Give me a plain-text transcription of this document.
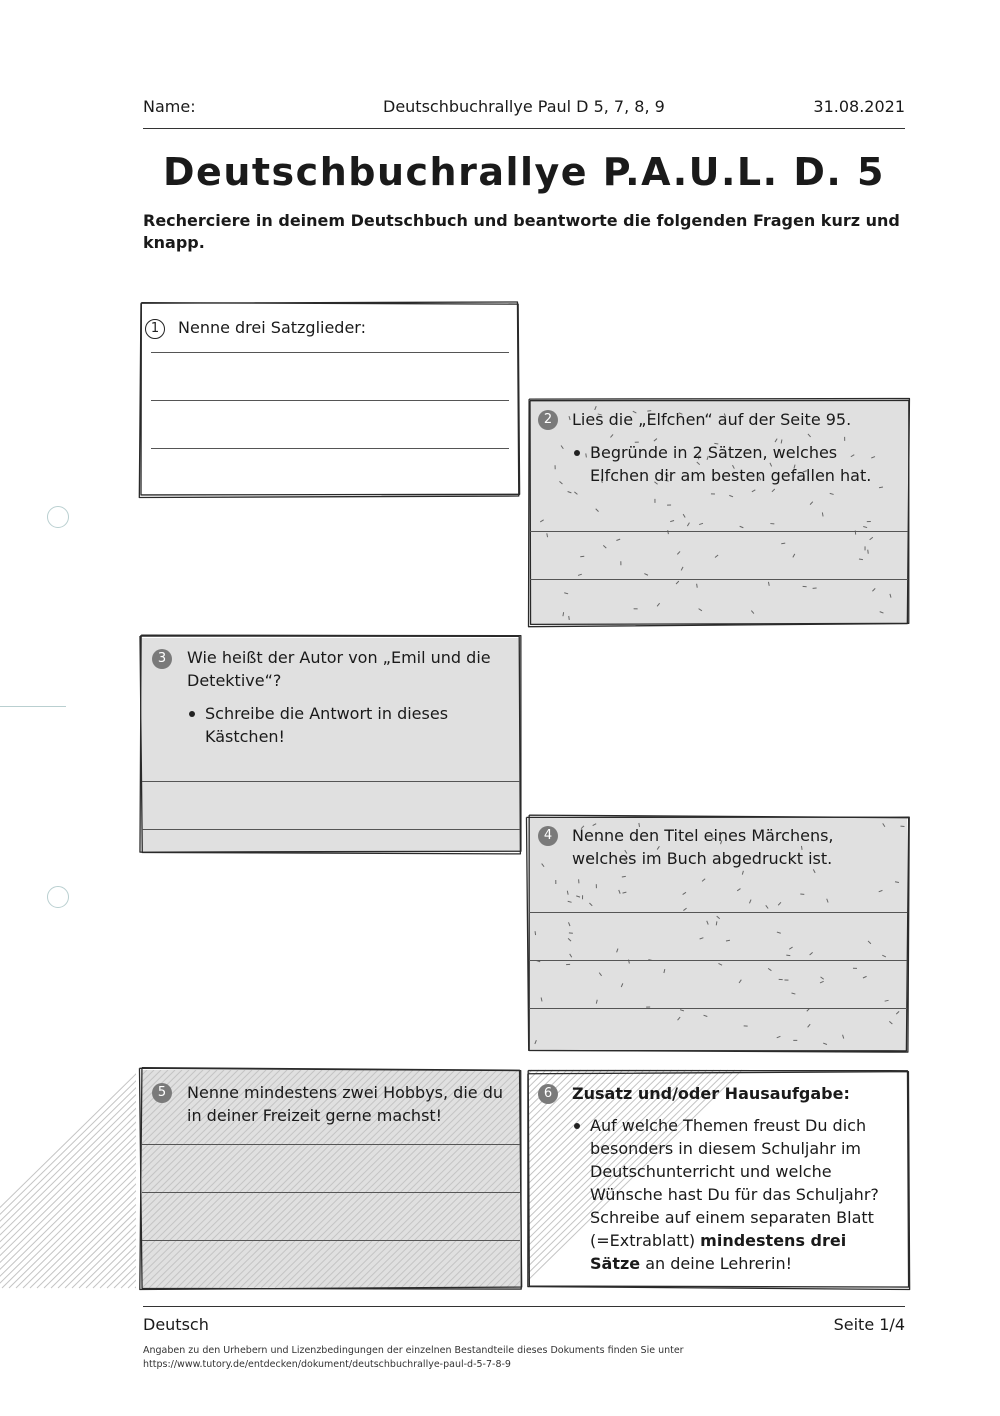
Name:	Deutschbuchrallye Paul D 5, 7, 8, 9	31.08.2021
Deutschbuchrallye P.A.U.L. D. 5

Recherciere in deinem Deutschbuch und beantworte die folgenden Fragen kurz und knapp.

1	Nenne drei Satzglieder:
2	Lies die „Elfchen“ auf der Seite 95.
Begründe in 2 Sätzen, welches Elfchen dir am besten gefallen hat.
3	Wie heißt der Autor von „Emil und die Detektive“?
Schreibe die Antwort in dieses Kästchen!
4	Nenne den Titel eines Märchens, welches im Buch abgedruckt ist.
5	Nenne mindestens zwei Hobbys, die du in deiner Freizeit gerne machst!
6	Zusatz und/oder Hausaufgabe:
Auf welche Themen freust Du dich besonders in diesem Schuljahr im Deutschunterricht und welche Wünsche hast Du für das Schuljahr? Schreibe auf einem separaten Blatt (=Extrablatt) mindestens drei Sätze an deine Lehrerin!
Deutsch	Seite 1/4
Angaben zu den Urhebern und Lizenzbedingungen der einzelnen Bestandteile dieses Dokuments finden Sie unter
https://www.tutory.de/entdecken/dokument/deutschbuchrallye-paul-d-5-7-8-9
